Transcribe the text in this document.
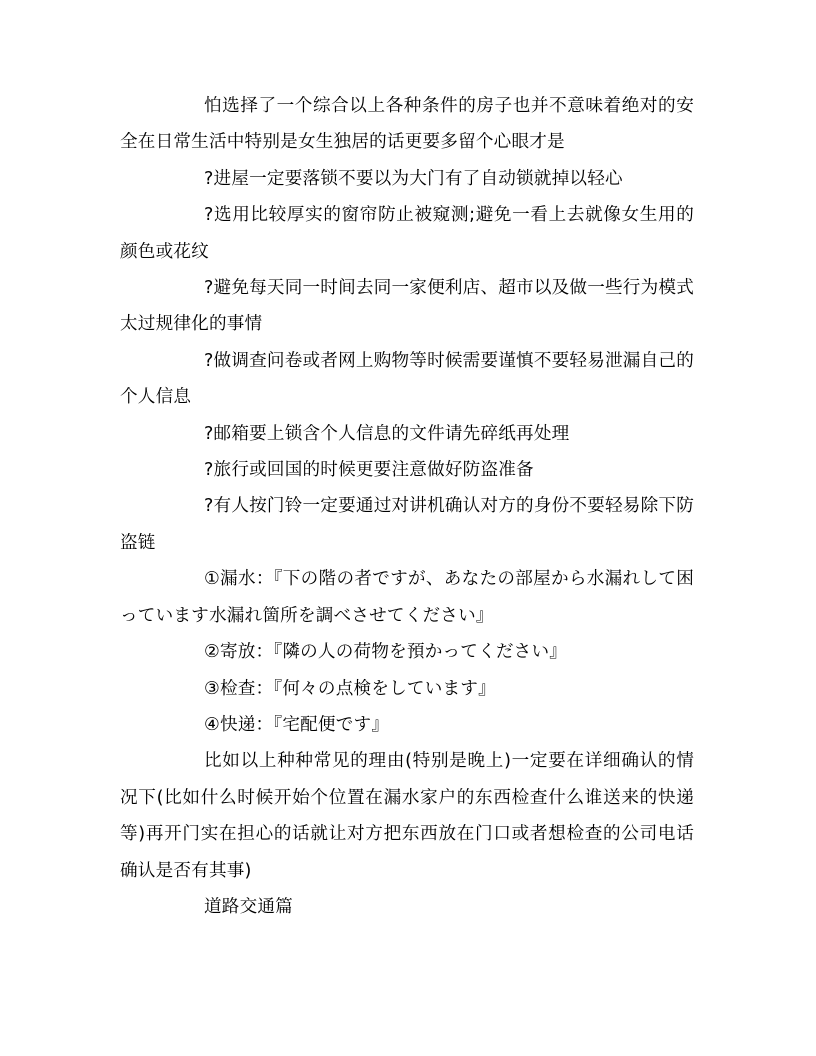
怕选择了一个综合以上各种条件的房子也并不意味着绝对的安全在日常生活中特别是女生独居的话更要多留个心眼才是

?进屋一定要落锁不要以为大门有了自动锁就掉以轻心

?选用比较厚实的窗帘防止被窥测;避免一看上去就像女生用的颜色或花纹

?避免每天同一时间去同一家便利店、超市以及做一些行为模式太过规律化的事情

?做调查问卷或者网上购物等时候需要谨慎不要轻易泄漏自己的个人信息

?邮箱要上锁含个人信息的文件请先碎纸再处理

?旅行或回国的时候更要注意做好防盗准备

?有人按门铃一定要通过对讲机确认对方的身份不要轻易除下防盗链

①漏水：『下の階の者ですが、あなたの部屋から水漏れして困っています水漏れ箇所を調べさせてください』

②寄放：『隣の人の荷物を預かってください』

③检查：『何々の点検をしています』

④快递：『宅配便です』

比如以上种种常见的理由(特别是晚上)一定要在详细确认的情况下(比如什么时候开始个位置在漏水家户的东西检查什么谁送来的快递等)再开门实在担心的话就让对方把东西放在门口或者想检查的公司电话确认是否有其事)

道路交通篇
